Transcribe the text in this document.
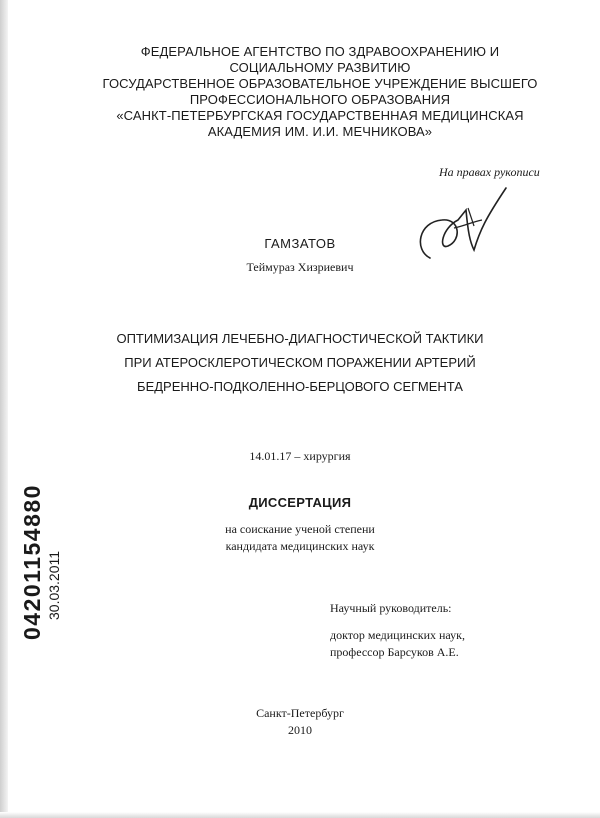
ФЕДЕРАЛЬНОЕ АГЕНТСТВО ПО ЗДРАВООХРАНЕНИЮ И
СОЦИАЛЬНОМУ РАЗВИТИЮ
ГОСУДАРСТВЕННОЕ ОБРАЗОВАТЕЛЬНОЕ УЧРЕЖДЕНИЕ ВЫСШЕГО
ПРОФЕССИОНАЛЬНОГО ОБРАЗОВАНИЯ
«САНКТ-ПЕТЕРБУРГСКАЯ ГОСУДАРСТВЕННАЯ МЕДИЦИНСКАЯ
АКАДЕМИЯ ИМ. И.И. МЕЧНИКОВА»
На правах рукописи
ГАМЗАТОВ
Теймураз Хизриевич
ОПТИМИЗАЦИЯ ЛЕЧЕБНО-ДИАГНОСТИЧЕСКОЙ ТАКТИКИ
ПРИ АТЕРОСКЛЕРОТИЧЕСКОМ ПОРАЖЕНИИ АРТЕРИЙ
БЕДРЕННО-ПОДКОЛЕННО-БЕРЦОВОГО СЕГМЕНТА
14.01.17 – хирургия
ДИССЕРТАЦИЯ
на соискание ученой степени
кандидата медицинских наук
04201154880 30.03.2011	Научный руководитель:
доктор медицинских наук,
профессор Барсуков А.Е.
Санкт-Петербург
2010
